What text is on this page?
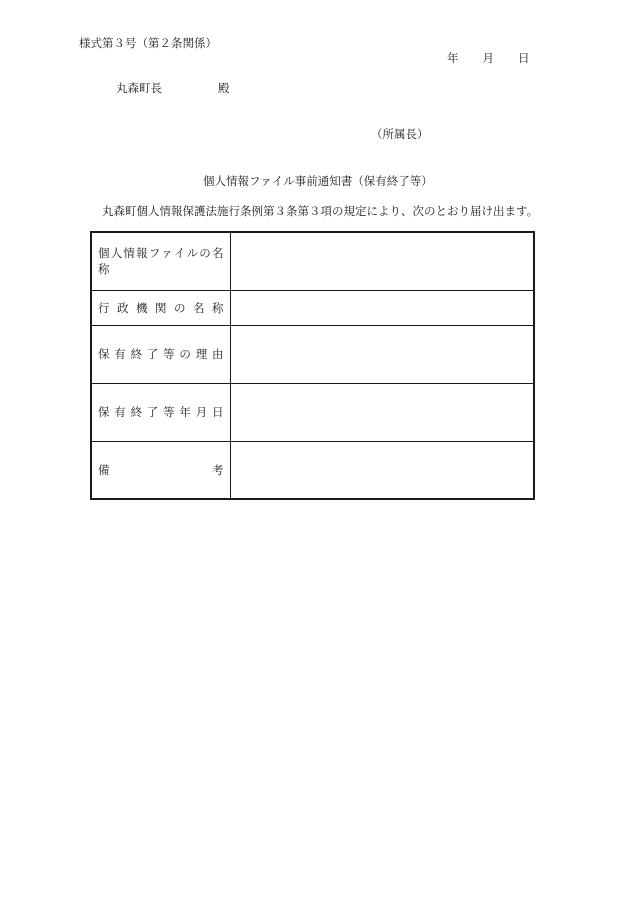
様式第３号（第２条関係）
年 月 日
丸森町長	殿
（所属長）
個人情報ファイル事前通知書（保有終了等）
丸森町個人情報保護法施行条例第３条第３項の規定により、次のとおり届け出ます。
個人情報ファイルの名称	
行政機関の名称	
保有終了等の理由	
保有終了等年月日	
備考	
